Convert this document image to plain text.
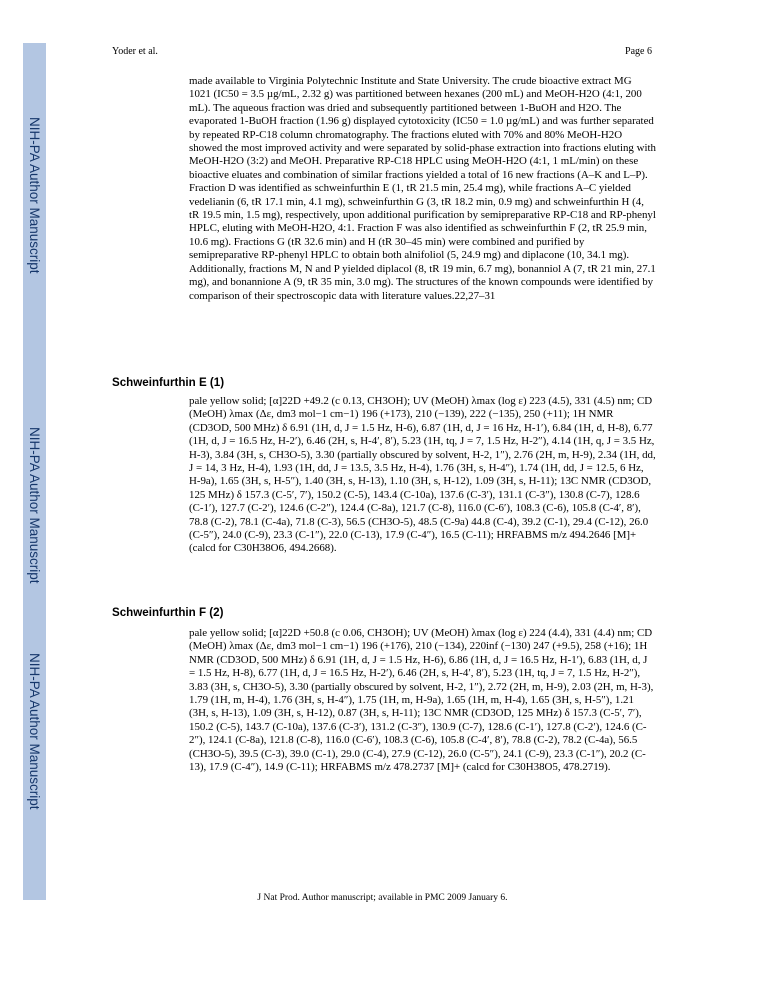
NIH-PA Author Manuscript
NIH-PA Author Manuscript
NIH-PA Author Manuscript
Yoder et al.	Page 6
made available to Virginia Polytechnic Institute and State University. The crude bioactive extract MG 1021 (IC50 = 3.5 µg/mL, 2.32 g) was partitioned between hexanes (200 mL) and MeOH-H2O (4:1, 200 mL). The aqueous fraction was dried and subsequently partitioned between 1-BuOH and H2O. The evaporated 1-BuOH fraction (1.96 g) displayed cytotoxicity (IC50 = 1.0 µg/mL) and was further separated by repeated RP-C18 column chromatography. The fractions eluted with 70% and 80% MeOH-H2O showed the most improved activity and were separated by solid-phase extraction into fractions eluting with MeOH-H2O (3:2) and MeOH. Preparative RP-C18 HPLC using MeOH-H2O (4:1, 1 mL/min) on these bioactive eluates and combination of similar fractions yielded a total of 16 new fractions (A–K and L–P). Fraction D was identified as schweinfurthin E (1, tR 21.5 min, 25.4 mg), while fractions A–C yielded vedelianin (6, tR 17.1 min, 4.1 mg), schweinfurthin G (3, tR 18.2 min, 0.9 mg) and schweinfurthin H (4, tR 19.5 min, 1.5 mg), respectively, upon additional purification by semipreparative RP-C18 and RP-phenyl HPLC, eluting with MeOH-H2O, 4:1. Fraction F was also identified as schweinfurthin F (2, tR 25.9 min, 10.6 mg). Fractions G (tR 32.6 min) and H (tR 30–45 min) were combined and purified by semipreparative RP-phenyl HPLC to obtain both alnifoliol (5, 24.9 mg) and diplacone (10, 34.1 mg). Additionally, fractions M, N and P yielded diplacol (8, tR 19 min, 6.7 mg), bonanniol A (7, tR 21 min, 27.1 mg), and bonannione A (9, tR 35 min, 3.0 mg). The structures of the known compounds were identified by comparison of their spectroscopic data with literature values.22,27–31
Schweinfurthin E (1)
pale yellow solid; [α]22D +49.2 (c 0.13, CH3OH); UV (MeOH) λmax (log ε) 223 (4.5), 331 (4.5) nm; CD (MeOH) λmax (Δε, dm3 mol−1 cm−1) 196 (+173), 210 (−139), 222 (−135), 250 (+11); 1H NMR (CD3OD, 500 MHz) δ 6.91 (1H, d, J = 1.5 Hz, H-6), 6.87 (1H, d, J = 16 Hz, H-1′), 6.84 (1H, d, H-8), 6.77 (1H, d, J = 16.5 Hz, H-2′), 6.46 (2H, s, H-4′, 8′), 5.23 (1H, tq, J = 7, 1.5 Hz, H-2″), 4.14 (1H, q, J = 3.5 Hz, H-3), 3.84 (3H, s, CH3O-5), 3.30 (partially obscured by solvent, H-2, 1″), 2.76 (2H, m, H-9), 2.34 (1H, dd, J = 14, 3 Hz, H-4), 1.93 (1H, dd, J = 13.5, 3.5 Hz, H-4), 1.76 (3H, s, H-4″), 1.74 (1H, dd, J = 12.5, 6 Hz, H-9a), 1.65 (3H, s, H-5″), 1.40 (3H, s, H-13), 1.10 (3H, s, H-12), 1.09 (3H, s, H-11); 13C NMR (CD3OD, 125 MHz) δ 157.3 (C-5′, 7′), 150.2 (C-5), 143.4 (C-10a), 137.6 (C-3′), 131.1 (C-3″), 130.8 (C-7), 128.6 (C-1′), 127.7 (C-2′), 124.6 (C-2″), 124.4 (C-8a), 121.7 (C-8), 116.0 (C-6′), 108.3 (C-6), 105.8 (C-4′, 8′), 78.8 (C-2), 78.1 (C-4a), 71.8 (C-3), 56.5 (CH3O-5), 48.5 (C-9a) 44.8 (C-4), 39.2 (C-1), 29.4 (C-12), 26.0 (C-5″), 24.0 (C-9), 23.3 (C-1″), 22.0 (C-13), 17.9 (C-4″), 16.5 (C-11); HRFABMS m/z 494.2646 [M]+ (calcd for C30H38O6, 494.2668).
Schweinfurthin F (2)
pale yellow solid; [α]22D +50.8 (c 0.06, CH3OH); UV (MeOH) λmax (log ε) 224 (4.4), 331 (4.4) nm; CD (MeOH) λmax (Δε, dm3 mol−1 cm−1) 196 (+176), 210 (−134), 220inf (−130) 247 (+9.5), 258 (+16); 1H NMR (CD3OD, 500 MHz) δ 6.91 (1H, d, J = 1.5 Hz, H-6), 6.86 (1H, d, J = 16.5 Hz, H-1′), 6.83 (1H, d, J = 1.5 Hz, H-8), 6.77 (1H, d, J = 16.5 Hz, H-2′), 6.46 (2H, s, H-4′, 8′), 5.23 (1H, tq, J = 7, 1.5 Hz, H-2″), 3.83 (3H, s, CH3O-5), 3.30 (partially obscured by solvent, H-2, 1″), 2.72 (2H, m, H-9), 2.03 (2H, m, H-3), 1.79 (1H, m, H-4), 1.76 (3H, s, H-4″), 1.75 (1H, m, H-9a), 1.65 (1H, m, H-4), 1.65 (3H, s, H-5″), 1.21 (3H, s, H-13), 1.09 (3H, s, H-12), 0.87 (3H, s, H-11); 13C NMR (CD3OD, 125 MHz) δ 157.3 (C-5′, 7′), 150.2 (C-5), 143.7 (C-10a), 137.6 (C-3′), 131.2 (C-3″), 130.9 (C-7), 128.6 (C-1′), 127.8 (C-2′), 124.6 (C-2″), 124.1 (C-8a), 121.8 (C-8), 116.0 (C-6′), 108.3 (C-6), 105.8 (C-4′, 8′), 78.8 (C-2), 78.2 (C-4a), 56.5 (CH3O-5), 39.5 (C-3), 39.0 (C-1), 29.0 (C-4), 27.9 (C-12), 26.0 (C-5″), 24.1 (C-9), 23.3 (C-1″), 20.2 (C-13), 17.9 (C-4″), 14.9 (C-11); HRFABMS m/z 478.2737 [M]+ (calcd for C30H38O5, 478.2719).
J Nat Prod. Author manuscript; available in PMC 2009 January 6.
